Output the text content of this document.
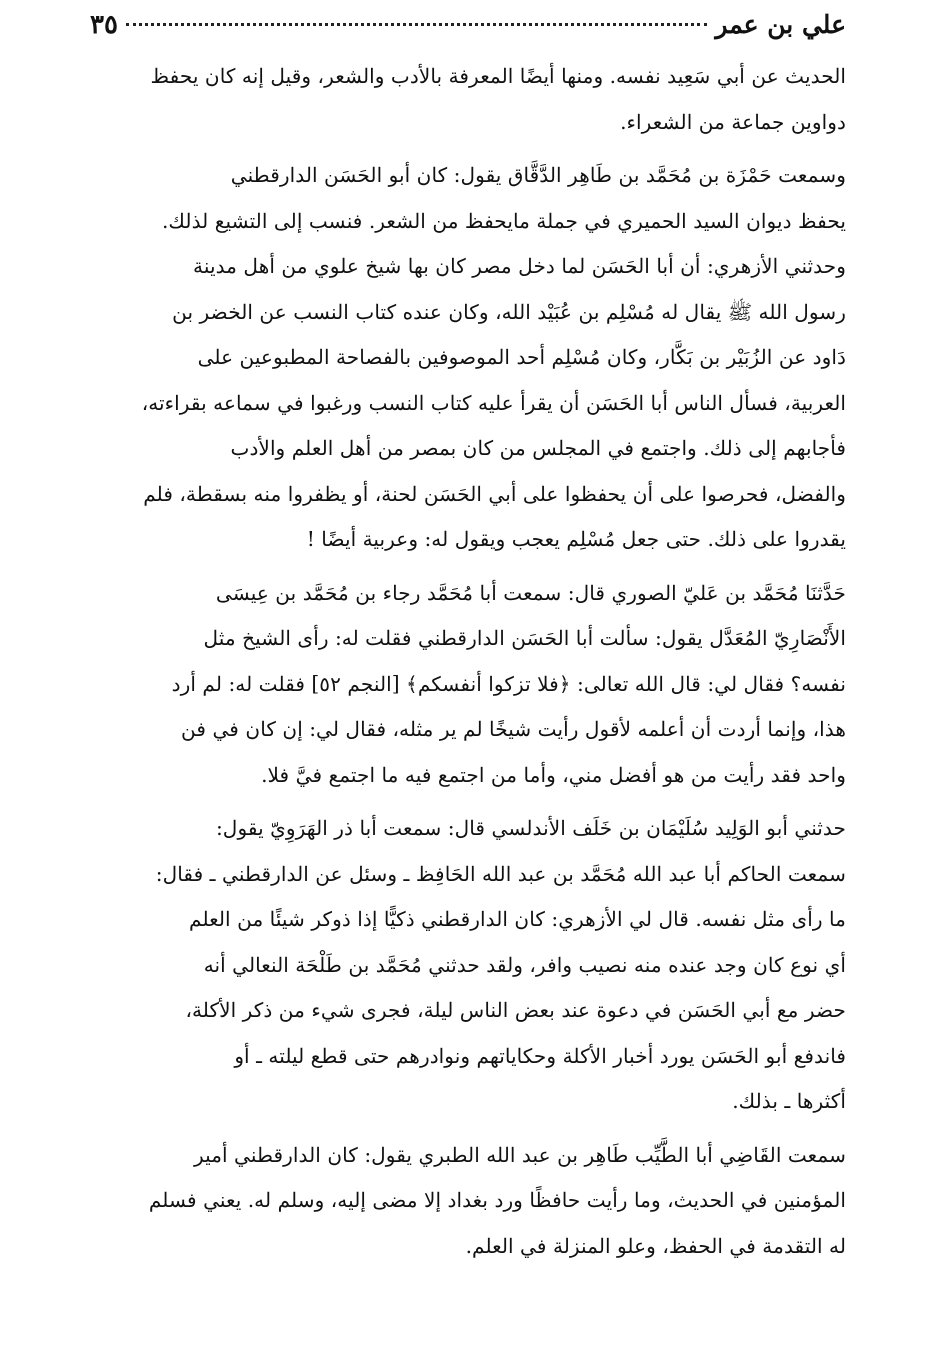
علي بن عمر
٣٥

الحديث عن أبي سَعِيد نفسه. ومنها أيضًا المعرفة بالأدب والشعر، وقيل إنه كان يحفظ
دواوين جماعة من الشعراء.

وسمعت حَمْزَة بن مُحَمَّد بن طَاهِر الدَّقَّاق يقول: كان أبو الحَسَن الدارقطني
يحفظ ديوان السيد الحميري في جملة مايحفظ من الشعر. فنسب إلى التشيع لذلك.
وحدثني الأزهري: أن أبا الحَسَن لما دخل مصر كان بها شيخ علوي من أهل مدينة
رسول الله ﷺ يقال له مُسْلِم بن عُبَيْد الله، وكان عنده كتاب النسب عن الخضر بن
دَاود عن الزُبَيْر بن بَكَّار، وكان مُسْلِم أحد الموصوفين بالفصاحة المطبوعين على
العربية، فسأل الناس أبا الحَسَن أن يقرأ عليه كتاب النسب ورغبوا في سماعه بقراءته،
فأجابهم إلى ذلك. واجتمع في المجلس من كان بمصر من أهل العلم والأدب
والفضل، فحرصوا على أن يحفظوا على أبي الحَسَن لحنة، أو يظفروا منه بسقطة، فلم
يقدروا على ذلك. حتى جعل مُسْلِم يعجب ويقول له: وعربية أيضًا !

حَدَّثنَا مُحَمَّد بن عَليّ الصوري قال: سمعت أبا مُحَمَّد رجاء بن مُحَمَّد بن عِيسَى
الأَنْصَارِيّ المُعَدَّل يقول: سألت أبا الحَسَن الدارقطني فقلت له: رأى الشيخ مثل
نفسه؟ فقال لي: قال الله تعالى: ﴿فلا تزكوا أنفسكم﴾ [النجم ٥٢] فقلت له: لم أرد
هذا، وإنما أردت أن أعلمه لأقول رأيت شيخًا لم ير مثله، فقال لي: إن كان في فن
واحد فقد رأيت من هو أفضل مني، وأما من اجتمع فيه ما اجتمع فيَّ فلا.

حدثني أبو الوَلِيد سُلَيْمَان بن خَلَف الأندلسي قال: سمعت أبا ذر الهَرَوِيّ يقول:
سمعت الحاكم أبا عبد الله مُحَمَّد بن عبد الله الحَافِظ ـ وسئل عن الدارقطني ـ فقال:
ما رأى مثل نفسه. قال لي الأزهري: كان الدارقطني ذكيًّا إذا ذوكر شيئًا من العلم
أي نوع كان وجد عنده منه نصيب وافر، ولقد حدثني مُحَمَّد بن طَلْحَة النعالي أنه
حضر مع أبي الحَسَن في دعوة عند بعض الناس ليلة، فجرى شيء من ذكر الأكلة،
فاندفع أبو الحَسَن يورد أخبار الأكلة وحكاياتهم ونوادرهم حتى قطع ليلته ـ أو
أكثرها ـ بذلك.

سمعت القَاضِي أبا الطَّيِّب طَاهِر بن عبد الله الطبري يقول: كان الدارقطني أمير
المؤمنين في الحديث، وما رأيت حافظًا ورد بغداد إلا مضى إليه، وسلم له. يعني فسلم
له التقدمة في الحفظ، وعلو المنزلة في العلم.
